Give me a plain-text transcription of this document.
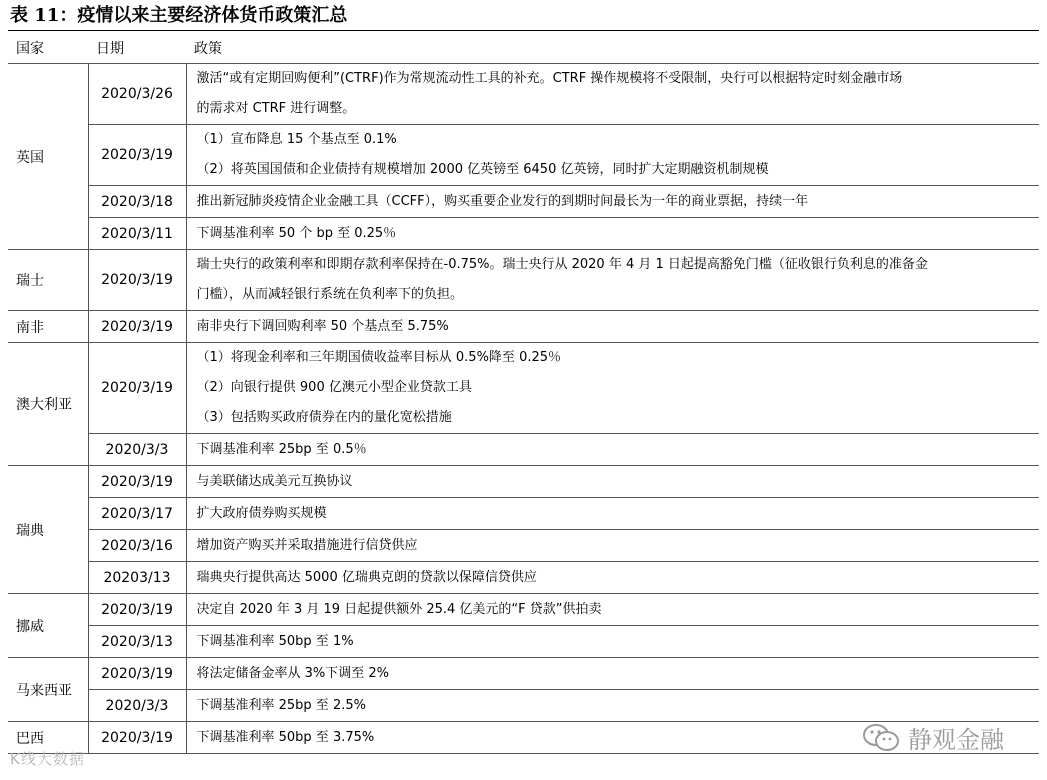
表 11：疫情以来主要经济体货币政策汇总
国家	日期	政策
英国	2020/3/26	激活“或有定期回购便利”(CTRF)作为常规流动性工具的补充。CTRF 操作规模将不受限制，央行可以根据特定时刻金融市场
的需求对 CTRF 进行调整。

	2020/3/19	（1）宣布降息 15 个基点至 0.1%
（2）将英国国债和企业债持有规模增加 2000 亿英镑至 6450 亿英镑，同时扩大定期融资机制规模

	2020/3/18	推出新冠肺炎疫情企业金融工具（CCFF），购买重要企业发行的到期时间最长为一年的商业票据，持续一年

	2020/3/11	下调基准利率 50 个 bp 至 0.25％

瑞士	2020/3/19	瑞士央行的政策利率和即期存款利率保持在-0.75%。瑞士央行从 2020 年 4 月 1 日起提高豁免门槛（征收银行负利息的准备金
门槛），从而减轻银行系统在负利率下的负担。

南非	2020/3/19	南非央行下调回购利率 50 个基点至 5.75%

澳大利亚	2020/3/19	（1）将现金利率和三年期国债收益率目标从 0.5%降至 0.25％
（2）向银行提供 900 亿澳元小型企业贷款工具
（3）包括购买政府债券在内的量化宽松措施

	2020/3/3	下调基准利率 25bp 至 0.5％

瑞典	2020/3/19	与美联储达成美元互换协议

	2020/3/17	扩大政府债券购买规模

	2020/3/16	增加资产购买并采取措施进行信贷供应

	20203/13	瑞典央行提供高达 5000 亿瑞典克朗的贷款以保障信贷供应

挪威	2020/3/19	决定自 2020 年 3 月 19 日起提供额外 25.4 亿美元的“F 贷款”供拍卖

	2020/3/13	下调基准利率 50bp 至 1%

马来西亚	2020/3/19	将法定储备金率从 3%下调至 2%

	2020/3/3	下调基准利率 25bp 至 2.5%

巴西	2020/3/19	下调基准利率 50bp 至 3.75%
K线大数据
静观金融
